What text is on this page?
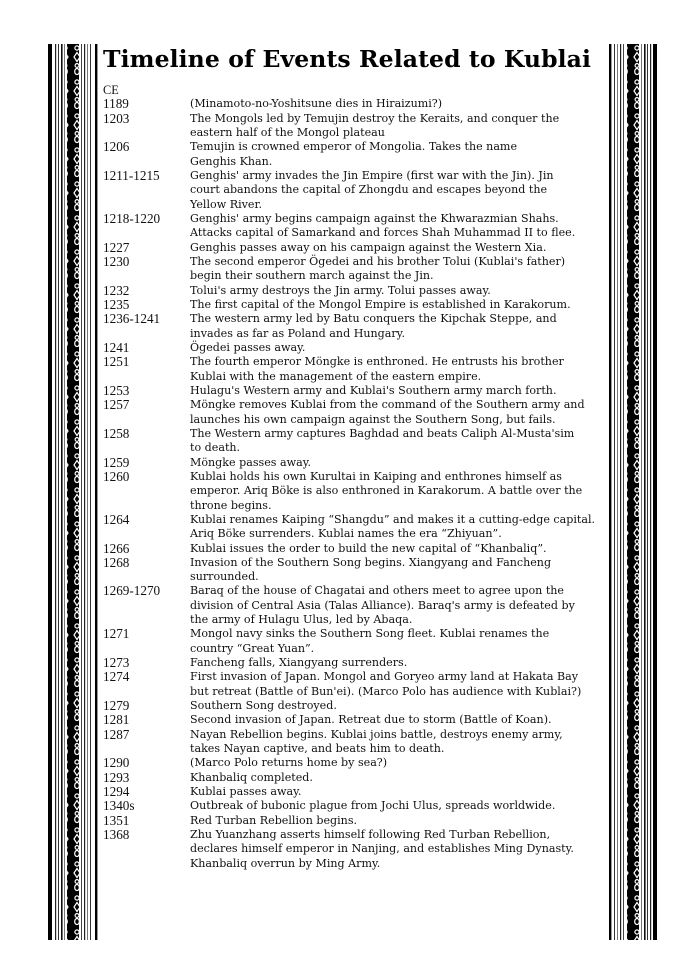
Timeline of Events Related to Kublai
CE
1189	(Minamoto-no-Yoshitsune dies in Hiraizumi?)
1203	The Mongols led by Temujin destroy the Keraits, and conquer the
eastern half of the Mongol plateau
1206	Temujin is crowned emperor of Mongolia. Takes the name
Genghis Khan.
1211-1215	Genghis' army invades the Jin Empire (first war with the Jin). Jin
court abandons the capital of Zhongdu and escapes beyond the
Yellow River.
1218-1220	Genghis' army begins campaign against the Khwarazmian Shahs.
Attacks capital of Samarkand and forces Shah Muhammad II to flee.
1227	Genghis passes away on his campaign against the Western Xia.
1230	The second emperor Ögedei and his brother Tolui (Kublai's father)
begin their southern march against the Jin.
1232	Tolui's army destroys the Jin army. Tolui passes away.
1235	The first capital of the Mongol Empire is established in Karakorum.
1236-1241	The western army led by Batu conquers the Kipchak Steppe, and
invades as far as Poland and Hungary.
1241	Ögedei passes away.
1251	The fourth emperor Möngke is enthroned. He entrusts his brother
Kublai with the management of the eastern empire.
1253	Hulagu's Western army and Kublai's Southern army march forth.
1257	Möngke removes Kublai from the command of the Southern army and
launches his own campaign against the Southern Song, but fails.
1258	The Western army captures Baghdad and beats Caliph Al-Musta'sim
to death.
1259	Möngke passes away.
1260	Kublai holds his own Kurultai in Kaiping and enthrones himself as
emperor. Ariq Böke is also enthroned in Karakorum. A battle over the
throne begins.
1264	Kublai renames Kaiping “Shangdu” and makes it a cutting-edge capital.
Ariq Böke surrenders. Kublai names the era “Zhiyuan”.
1266	Kublai issues the order to build the new capital of “Khanbaliq”.
1268	Invasion of the Southern Song begins. Xiangyang and Fancheng
surrounded.
1269-1270	Baraq of the house of Chagatai and others meet to agree upon the
division of Central Asia (Talas Alliance). Baraq's army is defeated by
the army of Hulagu Ulus, led by Abaqa.
1271	Mongol navy sinks the Southern Song fleet. Kublai renames the
country “Great Yuan”.
1273	Fancheng falls, Xiangyang surrenders.
1274	First invasion of Japan. Mongol and Goryeo army land at Hakata Bay
but retreat (Battle of Bun'ei). (Marco Polo has audience with Kublai?)
1279	Southern Song destroyed.
1281	Second invasion of Japan. Retreat due to storm (Battle of Koan).
1287	Nayan Rebellion begins. Kublai joins battle, destroys enemy army,
takes Nayan captive, and beats him to death.
1290	(Marco Polo returns home by sea?)
1293	Khanbaliq completed.
1294	Kublai passes away.
1340s	Outbreak of bubonic plague from Jochi Ulus, spreads worldwide.
1351	Red Turban Rebellion begins.
1368	Zhu Yuanzhang asserts himself following Red Turban Rebellion,
declares himself emperor in Nanjing, and establishes Ming Dynasty.
Khanbaliq overrun by Ming Army.
